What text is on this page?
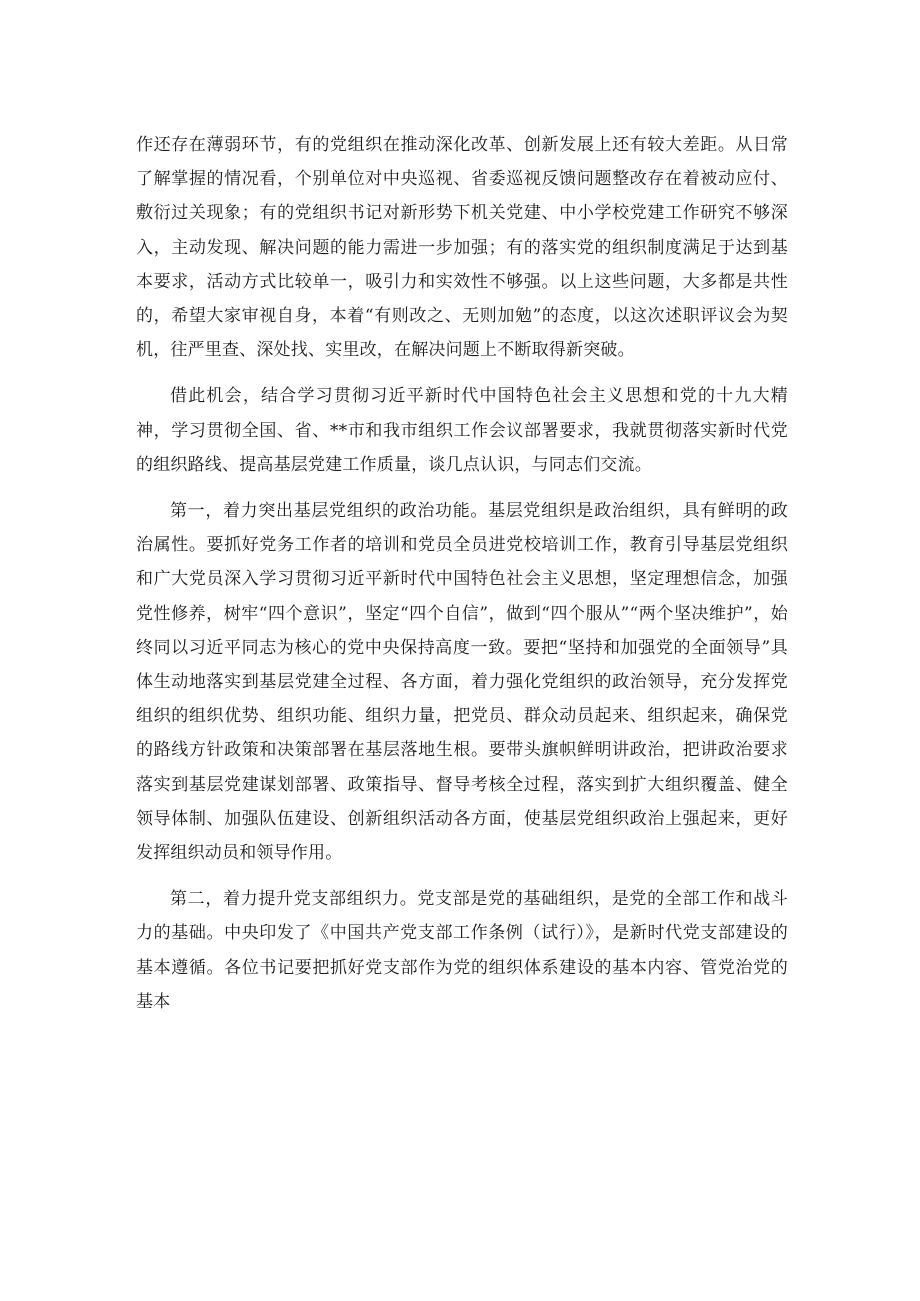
作还存在薄弱环节，有的党组织在推动深化改革、创新发展上还有较大差距。从日常了解掌握的情况看，个别单位对中央巡视、省委巡视反馈问题整改存在着被动应付、敷衍过关现象；有的党组织书记对新形势下机关党建、中小学校党建工作研究不够深入，主动发现、解决问题的能力需进一步加强；有的落实党的组织制度满足于达到基本要求，活动方式比较单一，吸引力和实效性不够强。以上这些问题，大多都是共性的，希望大家审视自身，本着“有则改之、无则加勉”的态度，以这次述职评议会为契机，往严里查、深处找、实里改，在解决问题上不断取得新突破。

借此机会，结合学习贯彻习近平新时代中国特色社会主义思想和党的十九大精神，学习贯彻全国、省、**市和我市组织工作会议部署要求，我就贯彻落实新时代党的组织路线、提高基层党建工作质量，谈几点认识，与同志们交流。

第一，着力突出基层党组织的政治功能。基层党组织是政治组织，具有鲜明的政治属性。要抓好党务工作者的培训和党员全员进党校培训工作，教育引导基层党组织和广大党员深入学习贯彻习近平新时代中国特色社会主义思想，坚定理想信念，加强党性修养，树牢“四个意识”，坚定“四个自信”，做到“四个服从”“两个坚决维护”，始终同以习近平同志为核心的党中央保持高度一致。要把“坚持和加强党的全面领导”具体生动地落实到基层党建全过程、各方面，着力强化党组织的政治领导，充分发挥党组织的组织优势、组织功能、组织力量，把党员、群众动员起来、组织起来，确保党的路线方针政策和决策部署在基层落地生根。要带头旗帜鲜明讲政治，把讲政治要求落实到基层党建谋划部署、政策指导、督导考核全过程，落实到扩大组织覆盖、健全领导体制、加强队伍建设、创新组织活动各方面，使基层党组织政治上强起来，更好发挥组织动员和领导作用。

第二，着力提升党支部组织力。党支部是党的基础组织，是党的全部工作和战斗力的基础。中央印发了《中国共产党支部工作条例（试行）》，是新时代党支部建设的基本遵循。各位书记要把抓好党支部作为党的组织体系建设的基本内容、管党治党的基本
